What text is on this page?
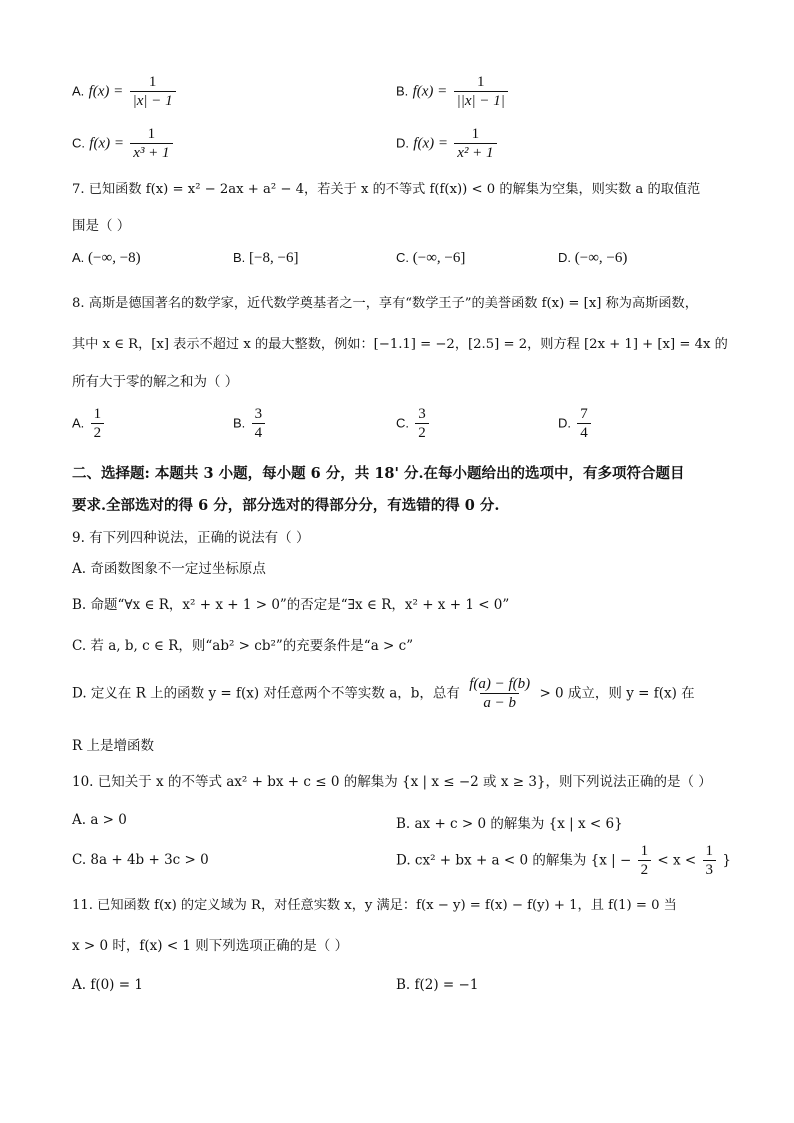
A. $f(x) = \frac{1}{|x| - 1}$	B. $f(x) = \frac{1}{||x| - 1|}$
C. $f(x) = \frac{1}{\text{x³ + 1}}$	D. $f(x) = \frac{1}{\text{x² + 1}}$
7. 已知函数 f(x) = x² − 2ax + a² − 4，若关于 x 的不等式 f(f(x)) < 0 的解集为空集，则实数 a 的取值范
围是（ ）
A. (−∞, −8)	B. [−8, −6]	C. (−∞, −6]	D. (−∞, −6)
8. 高斯是德国著名的数学家，近代数学奠基者之一，享有“数学王子”的美誉函数 f(x) = [x] 称为高斯函数，
其中 x ∈ R，[x] 表示不超过 x 的最大整数，例如：[−1.1] = −2，[2.5] = 2，则方程 [2x + 1] + [x] = 4x 的
所有大于零的解之和为（ ）
A. $\frac{1}{2}$	B. $\frac{3}{4}$	C. $\frac{3}{2}$	D. $\frac{7}{4}$
二、选择题: 本题共 3 小题，每小题 6 分，共 18' 分.在每小题给出的选项中，有多项符合题目
要求.全部选对的得 6 分，部分选对的得部分分，有选错的得 0 分.
9. 有下列四种说法，正确的说法有（ ）
A. 奇函数图象不一定过坐标原点
B. 命题“∀x ∈ R，x² + x + 1 > 0”的否定是“∃x ∈ R，x² + x + 1 < 0”
C. 若 a, b, c ∈ R，则“ab² > cb²”的充要条件是“a > c”
D. 定义在 R 上的函数 y = f(x) 对任意两个不等实数 a，b，总有 $\frac{f(a) - f(b)}{a - b} > 0$ 成立，则 y = f(x) 在
R 上是增函数
10. 已知关于 x 的不等式 ax² + bx + c ≤ 0 的解集为 {x | x ≤ −2 或 x ≥ 3}，则下列说法正确的是（ ）
A. a > 0	B. ax + c > 0 的解集为 {x | x < 6}
C. 8a + 4b + 3c > 0	D. cx² + bx + a < 0 的解集为 {x | − $\frac{1}{2} < x < \frac{1}{3}$ }
11. 已知函数 f(x) 的定义域为 R，对任意实数 x，y 满足：f(x − y) = f(x) − f(y) + 1，且 f(1) = 0 当
x > 0 时，f(x) < 1 则下列选项正确的是（ ）
A. f(0) = 1	B. f(2) = −1
